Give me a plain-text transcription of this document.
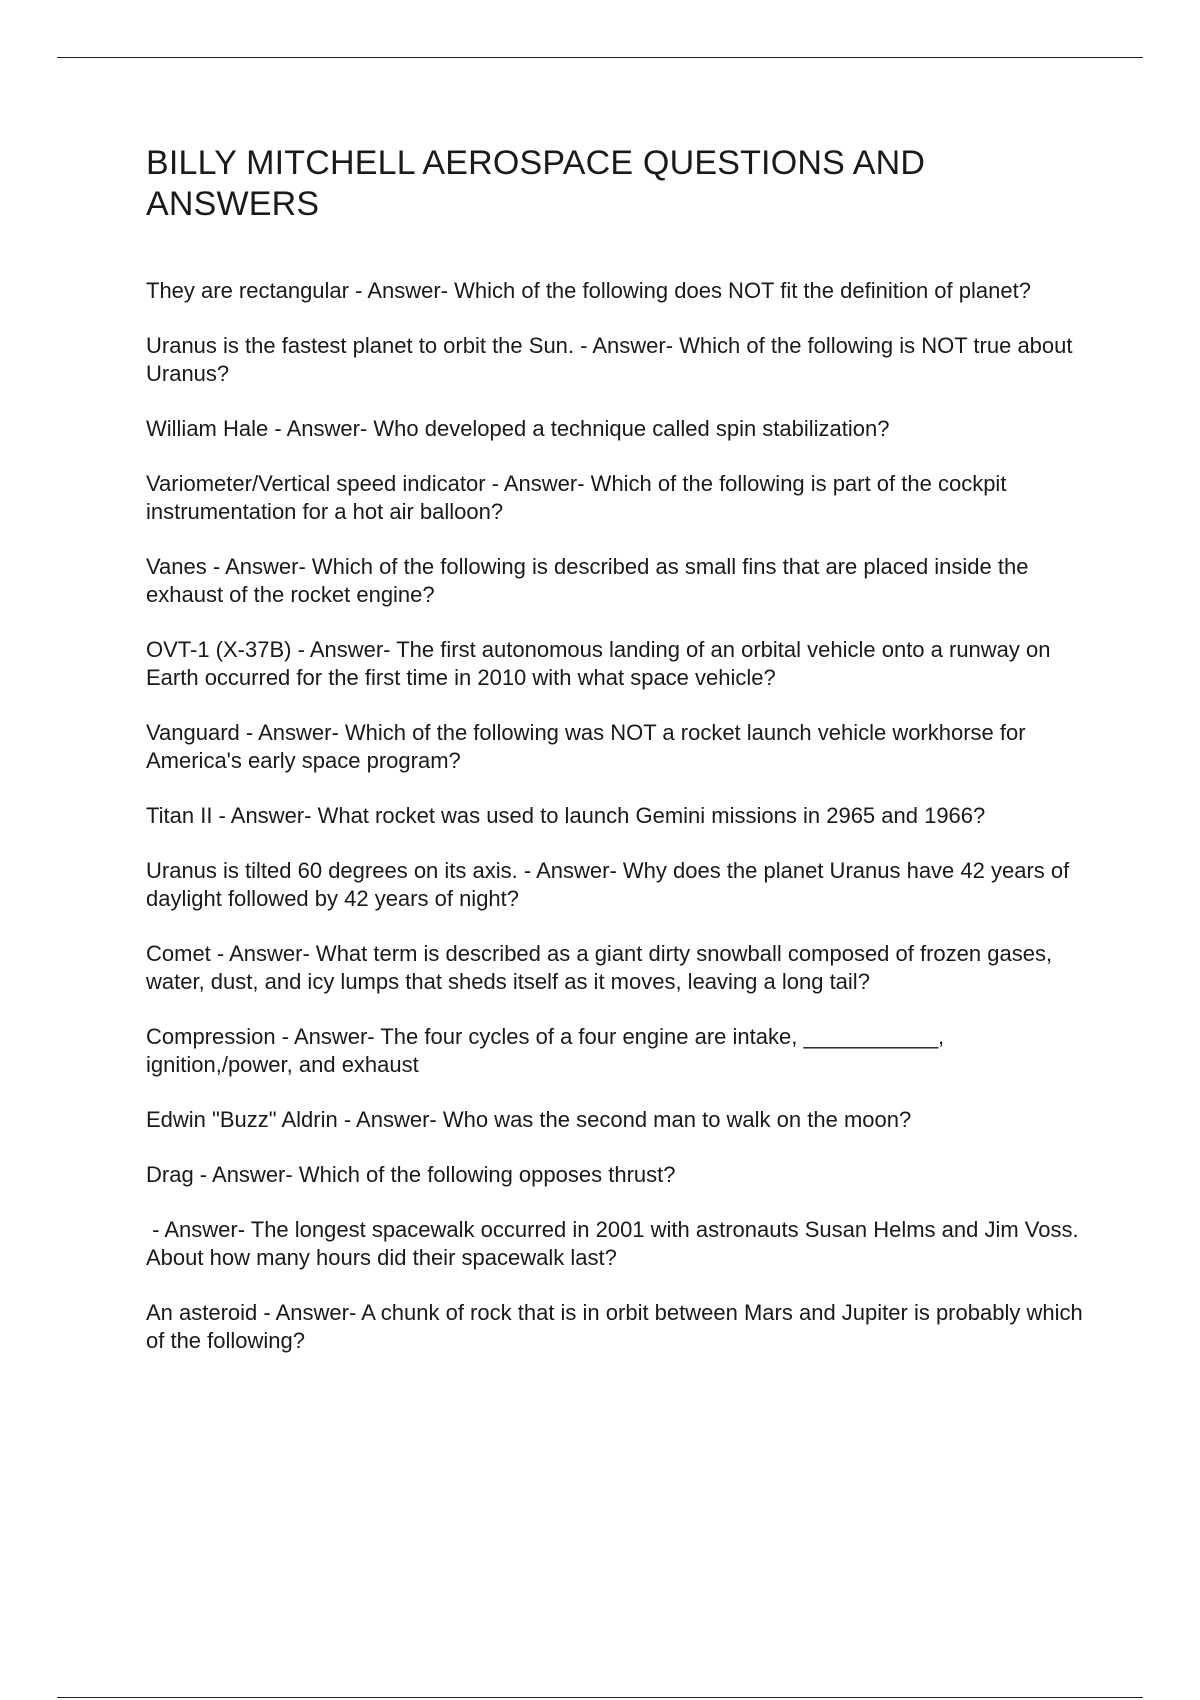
BILLY MITCHELL AEROSPACE QUESTIONS AND ANSWERS
They are rectangular - Answer- Which of the following does NOT fit the definition of planet?
Uranus is the fastest planet to orbit the Sun. - Answer- Which of the following is NOT true about Uranus?
William Hale - Answer- Who developed a technique called spin stabilization?
Variometer/Vertical speed indicator - Answer- Which of the following is part of the cockpit instrumentation for a hot air balloon?
Vanes - Answer- Which of the following is described as small fins that are placed inside the exhaust of the rocket engine?
OVT-1 (X-37B) - Answer- The first autonomous landing of an orbital vehicle onto a runway on Earth occurred for the first time in 2010 with what space vehicle?
Vanguard - Answer- Which of the following was NOT a rocket launch vehicle workhorse for America's early space program?
Titan II - Answer- What rocket was used to launch Gemini missions in 2965 and 1966?
Uranus is tilted 60 degrees on its axis. - Answer- Why does the planet Uranus have 42 years of daylight followed by 42 years of night?
Comet - Answer- What term is described as a giant dirty snowball composed of frozen gases, water, dust, and icy lumps that sheds itself as it moves, leaving a long tail?
Compression - Answer- The four cycles of a four engine are intake, ___________, ignition,/power, and exhaust
Edwin "Buzz" Aldrin - Answer- Who was the second man to walk on the moon?
Drag - Answer- Which of the following opposes thrust?
- Answer- The longest spacewalk occurred in 2001 with astronauts Susan Helms and Jim Voss. About how many hours did their spacewalk last?
An asteroid - Answer- A chunk of rock that is in orbit between Mars and Jupiter is probably which of the following?
